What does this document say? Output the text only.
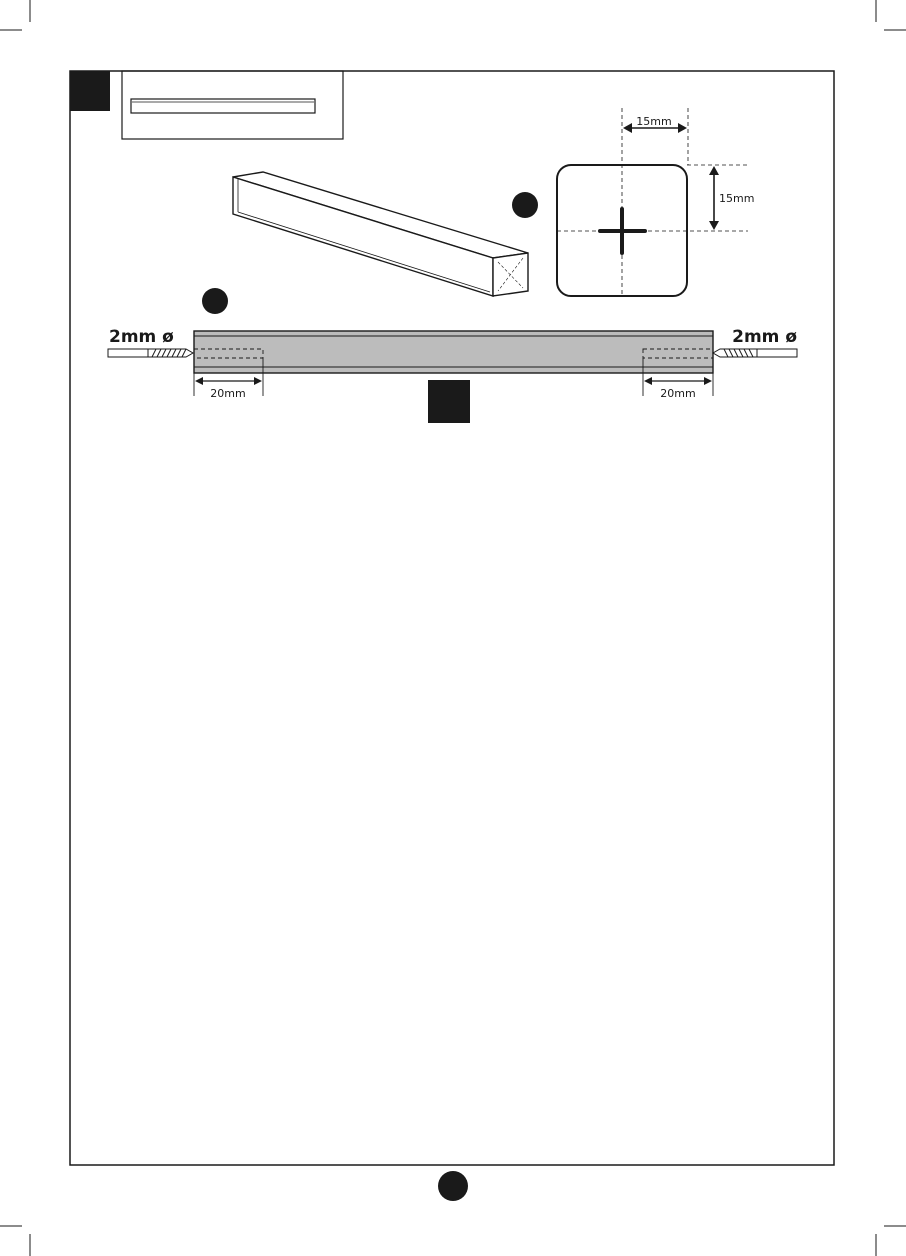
15mm
15mm
2mm ø	2mm ø
20mm	20mm
